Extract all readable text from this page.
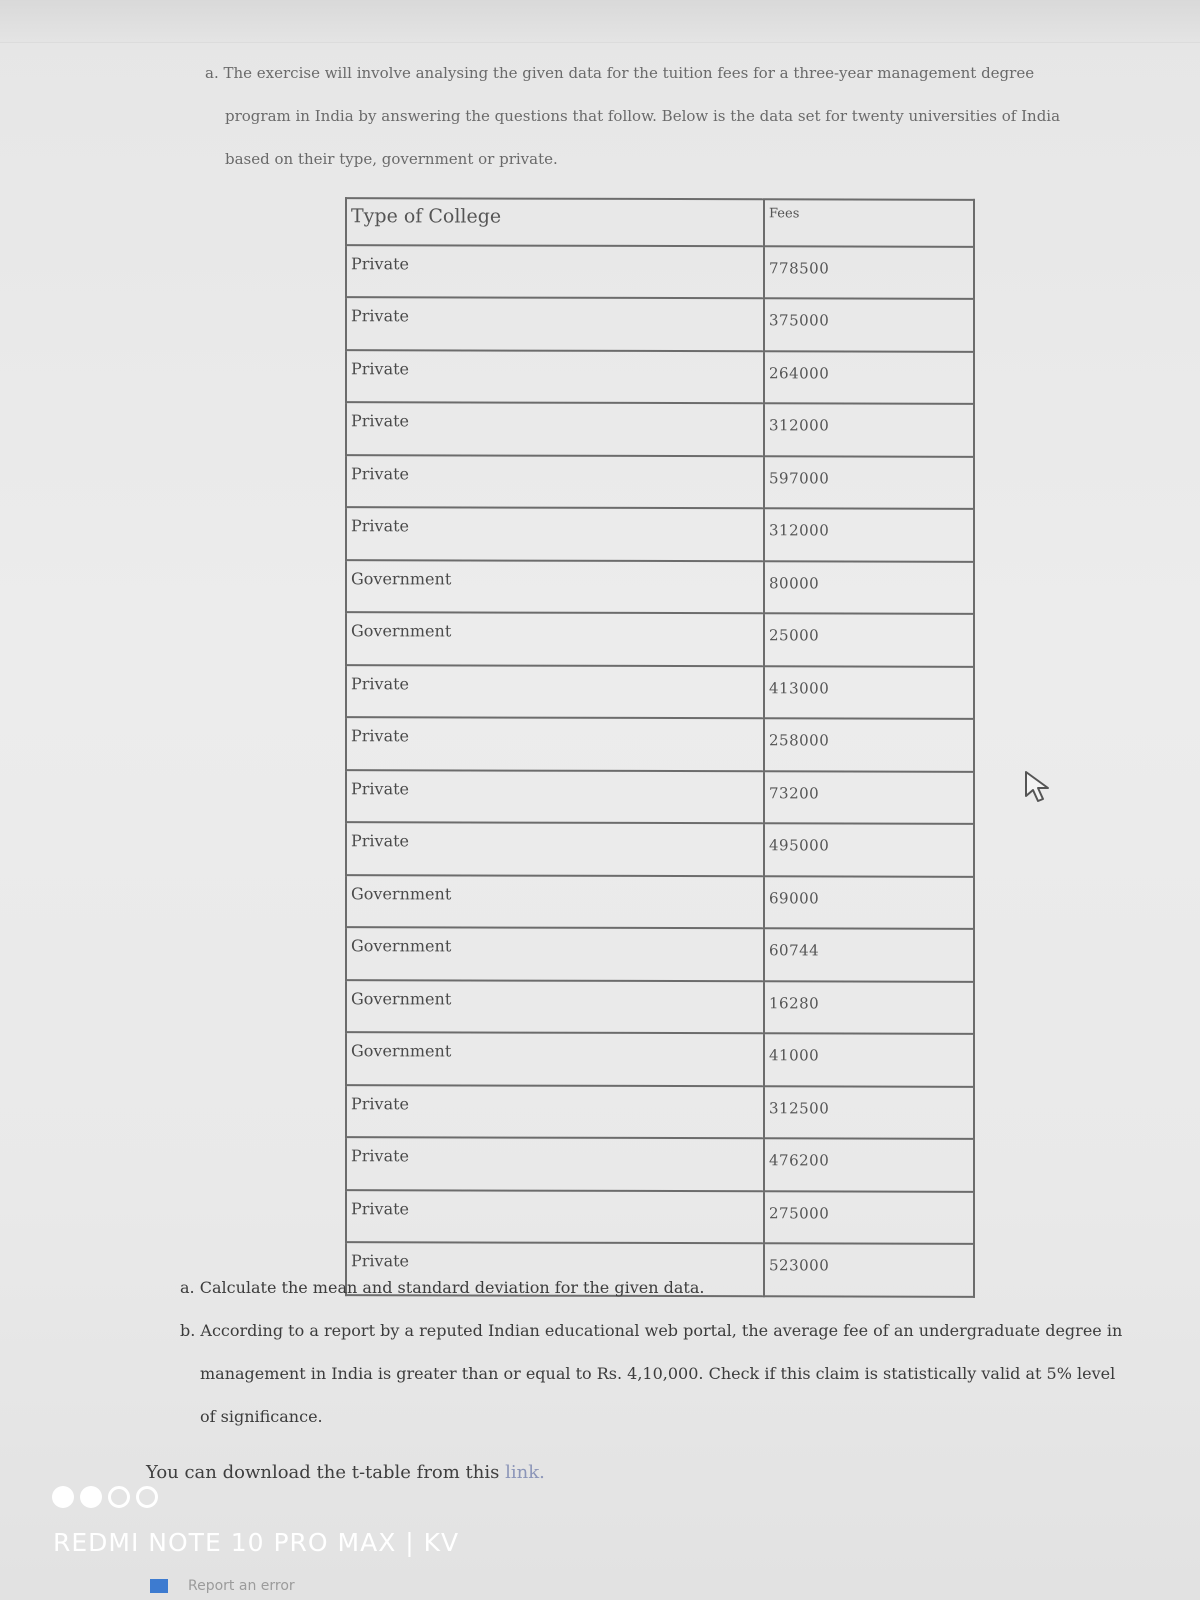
a. The exercise will involve analysing the given data for the tuition fees for a three-year management degree
program in India by answering the questions that follow. Below is the data set for twenty universities of India
based on their type, government or private.
Type of College	Fees
Private	778500
Private	375000
Private	264000
Private	312000
Private	597000
Private	312000
Government	80000
Government	25000
Private	413000
Private	258000
Private	73200
Private	495000
Government	69000
Government	60744
Government	16280
Government	41000
Private	312500
Private	476200
Private	275000
Private	523000
a. Calculate the mean and standard deviation for the given data.
b. According to a report by a reputed Indian educational web portal, the average fee of an undergraduate degree in
management in India is greater than or equal to Rs. 4,10,000. Check if this claim is statistically valid at 5% level
of significance.
You can download the t-table from this link.
REDMI NOTE 10 PRO MAX | KV
Report an error
